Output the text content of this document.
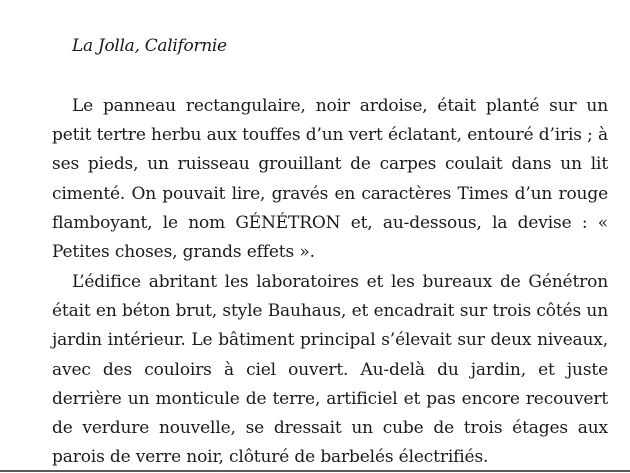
La Jolla, Californie

Le panneau rectangulaire, noir ardoise, était planté sur un petit tertre herbu aux touffes d’un vert éclatant, entouré d’iris ; à ses pieds, un ruisseau grouillant de carpes coulait dans un lit cimenté. On pouvait lire, gravés en caractères Times d’un rouge flamboyant, le nom GÉNÉTRON et, au-dessous, la devise : « Petites choses, grands effets ».

L’édifice abritant les laboratoires et les bureaux de Génétron était en béton brut, style Bauhaus, et encadrait sur trois côtés un jardin intérieur. Le bâtiment principal s’élevait sur deux niveaux, avec des couloirs à ciel ouvert. Au-delà du jardin, et juste derrière un monticule de terre, artificiel et pas encore recouvert de verdure nouvelle, se dressait un cube de trois étages aux parois de verre noir, clôturé de barbelés électrifiés.
